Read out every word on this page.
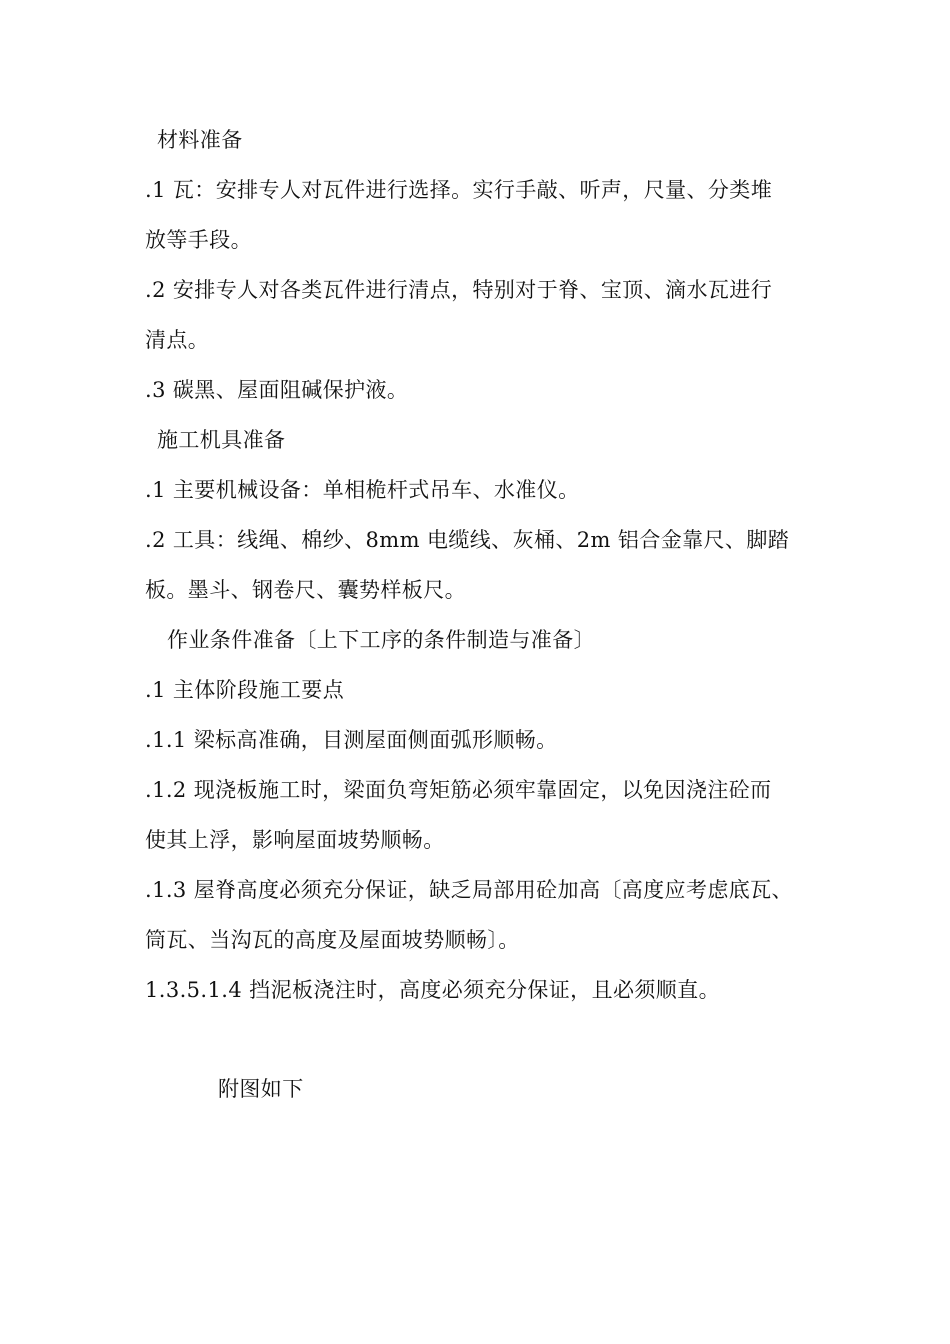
材料准备
.1 瓦：安排专人对瓦件进行选择。实行手敲、听声，尺量、分类堆
放等手段。
.2 安排专人对各类瓦件进行清点，特别对于脊、宝顶、滴水瓦进行
清点。
.3 碳黑、屋面阻碱保护液。
施工机具准备
.1 主要机械设备：单相桅杆式吊车、水准仪。
.2 工具：线绳、棉纱、8mm 电缆线、灰桶、2m 铝合金靠尺、脚踏
板。墨斗、钢卷尺、囊势样板尺。
作业条件准备〔上下工序的条件制造与准备〕
.1 主体阶段施工要点
.1.1 梁标高准确，目测屋面侧面弧形顺畅。
.1.2 现浇板施工时，梁面负弯矩筋必须牢靠固定，以免因浇注砼而
使其上浮，影响屋面坡势顺畅。
.1.3 屋脊高度必须充分保证，缺乏局部用砼加高〔高度应考虑底瓦、
筒瓦、当沟瓦的高度及屋面坡势顺畅〕。
1.3.5.1.4 挡泥板浇注时，高度必须充分保证，且必须顺直。
附图如下
